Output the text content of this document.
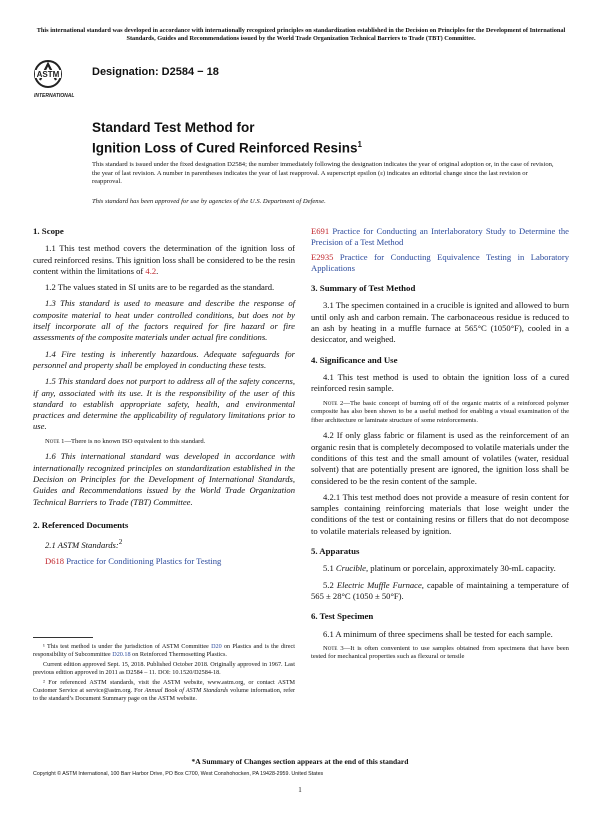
This international standard was developed in accordance with internationally recognized principles on standardization established in the Decision on Principles for the Development of International Standards, Guides and Recommendations issued by the World Trade Organization Technical Barriers to Trade (TBT) Committee.
ASTM
INTERNATIONAL
Designation: D2584 − 18
Standard Test Method for
Ignition Loss of Cured Reinforced Resins$^1$
This standard is issued under the fixed designation D2584; the number immediately following the designation indicates the year of original adoption or, in the case of revision, the year of last revision. A number in parentheses indicates the year of last reapproval. A superscript epsilon (ε) indicates an editorial change since the last revision or reapproval.
This standard has been approved for use by agencies of the U.S. Department of Defense.
1. Scope

1.1 This test method covers the determination of the ignition loss of cured reinforced resins. This ignition loss shall be considered to be the resin content within the limitations of 4.2.

1.2 The values stated in SI units are to be regarded as the standard.

1.3 This standard is used to measure and describe the response of composite material to heat under controlled conditions, but does not by itself incorporate all of the factors required for fire hazard or fire assessments of the composite materials under actual fire conditions.

1.4 Fire testing is inherently hazardous. Adequate safeguards for personnel and property shall be employed in conducting these tests.

1.5 This standard does not purport to address all of the safety concerns, if any, associated with its use. It is the responsibility of the user of this standard to establish appropriate safety, health, and environmental practices and determine the applicability of regulatory limitations prior to use.

Note 1—There is no known ISO equivalent to this standard.

1.6 This international standard was developed in accordance with internationally recognized principles on standardization established in the Decision on Principles for the Development of International Standards, Guides and Recommendations issued by the World Trade Organization Technical Barriers to Trade (TBT) Committee.

2. Referenced Documents

2.1 ASTM Standards:$^2$

D618 Practice for Conditioning Plastics for Testing

¹ This test method is under the jurisdiction of ASTM Committee D20 on Plastics and is the direct responsibility of Subcommittee D20.18 on Reinforced Thermosetting Plastics.

Current edition approved Sept. 15, 2018. Published October 2018. Originally approved in 1967. Last previous edition approved in 2011 as D2584 – 11. DOI: 10.1520/D2584-18.

² For referenced ASTM standards, visit the ASTM website, www.astm.org, or contact ASTM Customer Service at service@astm.org. For Annual Book of ASTM Standards volume information, refer to the standard’s Document Summary page on the ASTM website.

E691 Practice for Conducting an Interlaboratory Study to Determine the Precision of a Test Method
E2935 Practice for Conducting Equivalence Testing in Laboratory Applications
3. Summary of Test Method

3.1 The specimen contained in a crucible is ignited and allowed to burn until only ash and carbon remain. The carbonaceous residue is reduced to an ash by heating in a muffle furnace at 565°C (1050°F), cooled in a desiccator, and weighed.

4. Significance and Use

4.1 This test method is used to obtain the ignition loss of a cured reinforced resin sample.

Note 2—The basic concept of burning off of the organic matrix of a reinforced polymer composite has also been shown to be a useful method for enabling a visual examination of the fiber architecture or laminate structure of some reinforcements.

4.2 If only glass fabric or filament is used as the reinforcement of an organic resin that is completely decomposed to volatile materials under the conditions of this test and the small amount of volatiles (water, residual solvent) that are potentially present are ignored, the ignition loss shall be considered to be the resin content of the sample.

4.2.1 This test method does not provide a measure of resin content for samples containing reinforcing materials that lose weight under the conditions of the test or containing resins or fillers that do not decompose to volatile materials released by ignition.

5. Apparatus

5.1 Crucible, platinum or porcelain, approximately 30-mL capacity.

5.2 Electric Muffle Furnace, capable of maintaining a temperature of 565 ± 28°C (1050 ± 50°F).

6. Test Specimen

6.1 A minimum of three specimens shall be tested for each sample.

Note 3—It is often convenient to use samples obtained from specimens that have been tested for mechanical properties such as flexural or tensile
*A Summary of Changes section appears at the end of this standard
Copyright © ASTM International, 100 Barr Harbor Drive, PO Box C700, West Conshohocken, PA 19428-2959. United States
1
